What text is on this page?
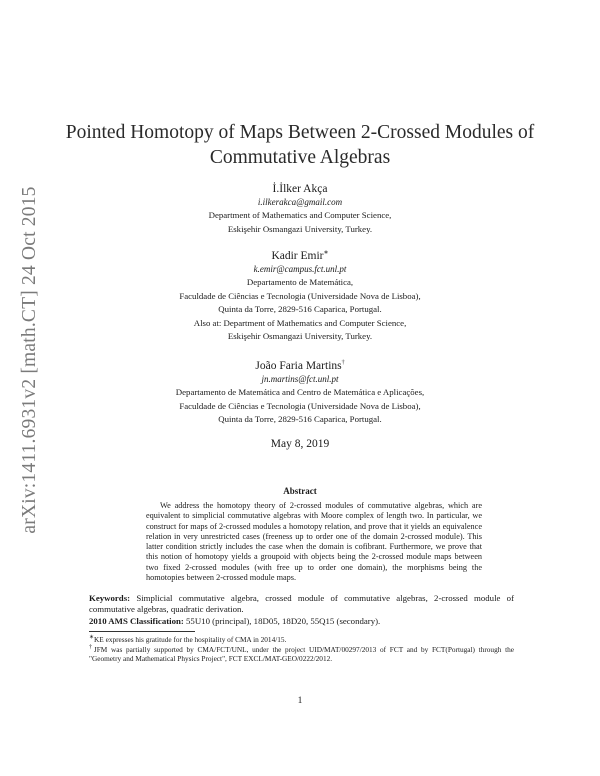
arXiv:1411.6931v2 [math.CT] 24 Oct 2015
Pointed Homotopy of Maps Between 2-Crossed Modules of
Commutative Algebras
İ.İlker Akça
i.ilkerakca@gmail.com
Department of Mathematics and Computer Science,
Eskişehir Osmangazi University, Turkey.
Kadir Emir∗
k.emir@campus.fct.unl.pt
Departamento de Matemática,
Faculdade de Ciências e Tecnologia (Universidade Nova de Lisboa),
Quinta da Torre, 2829-516 Caparica, Portugal.
Also at: Department of Mathematics and Computer Science,
Eskişehir Osmangazi University, Turkey.
João Faria Martins†
jn.martins@fct.unl.pt
Departamento de Matemática and Centro de Matemática e Aplicações,
Faculdade de Ciências e Tecnologia (Universidade Nova de Lisboa),
Quinta da Torre, 2829-516 Caparica, Portugal.
May 8, 2019
Abstract
We address the homotopy theory of 2-crossed modules of commutative algebras, which are equivalent to simplicial commutative algebras with Moore complex of length two. In particular, we construct for maps of 2-crossed modules a homotopy relation, and prove that it yields an equivalence relation in very unrestricted cases (freeness up to order one of the domain 2-crossed module). This latter condition strictly includes the case when the domain is cofibrant. Furthermore, we prove that this notion of homotopy yields a groupoid with objects being the 2-crossed module maps between two fixed 2-crossed modules (with free up to order one domain), the morphisms being the homotopies between 2-crossed module maps.
Keywords: Simplicial commutative algebra, crossed module of commutative algebras, 2-crossed module of commutative algebras, quadratic derivation.
2010 AMS Classification: 55U10 (principal), 18D05, 18D20, 55Q15 (secondary).
∗KE expresses his gratitude for the hospitality of CMA in 2014/15.
†JFM was partially supported by CMA/FCT/UNL, under the project UID/MAT/00297/2013 of FCT and by FCT(Portugal) through the "Geometry and Mathematical Physics Project", FCT EXCL/MAT-GEO/0222/2012.
1
